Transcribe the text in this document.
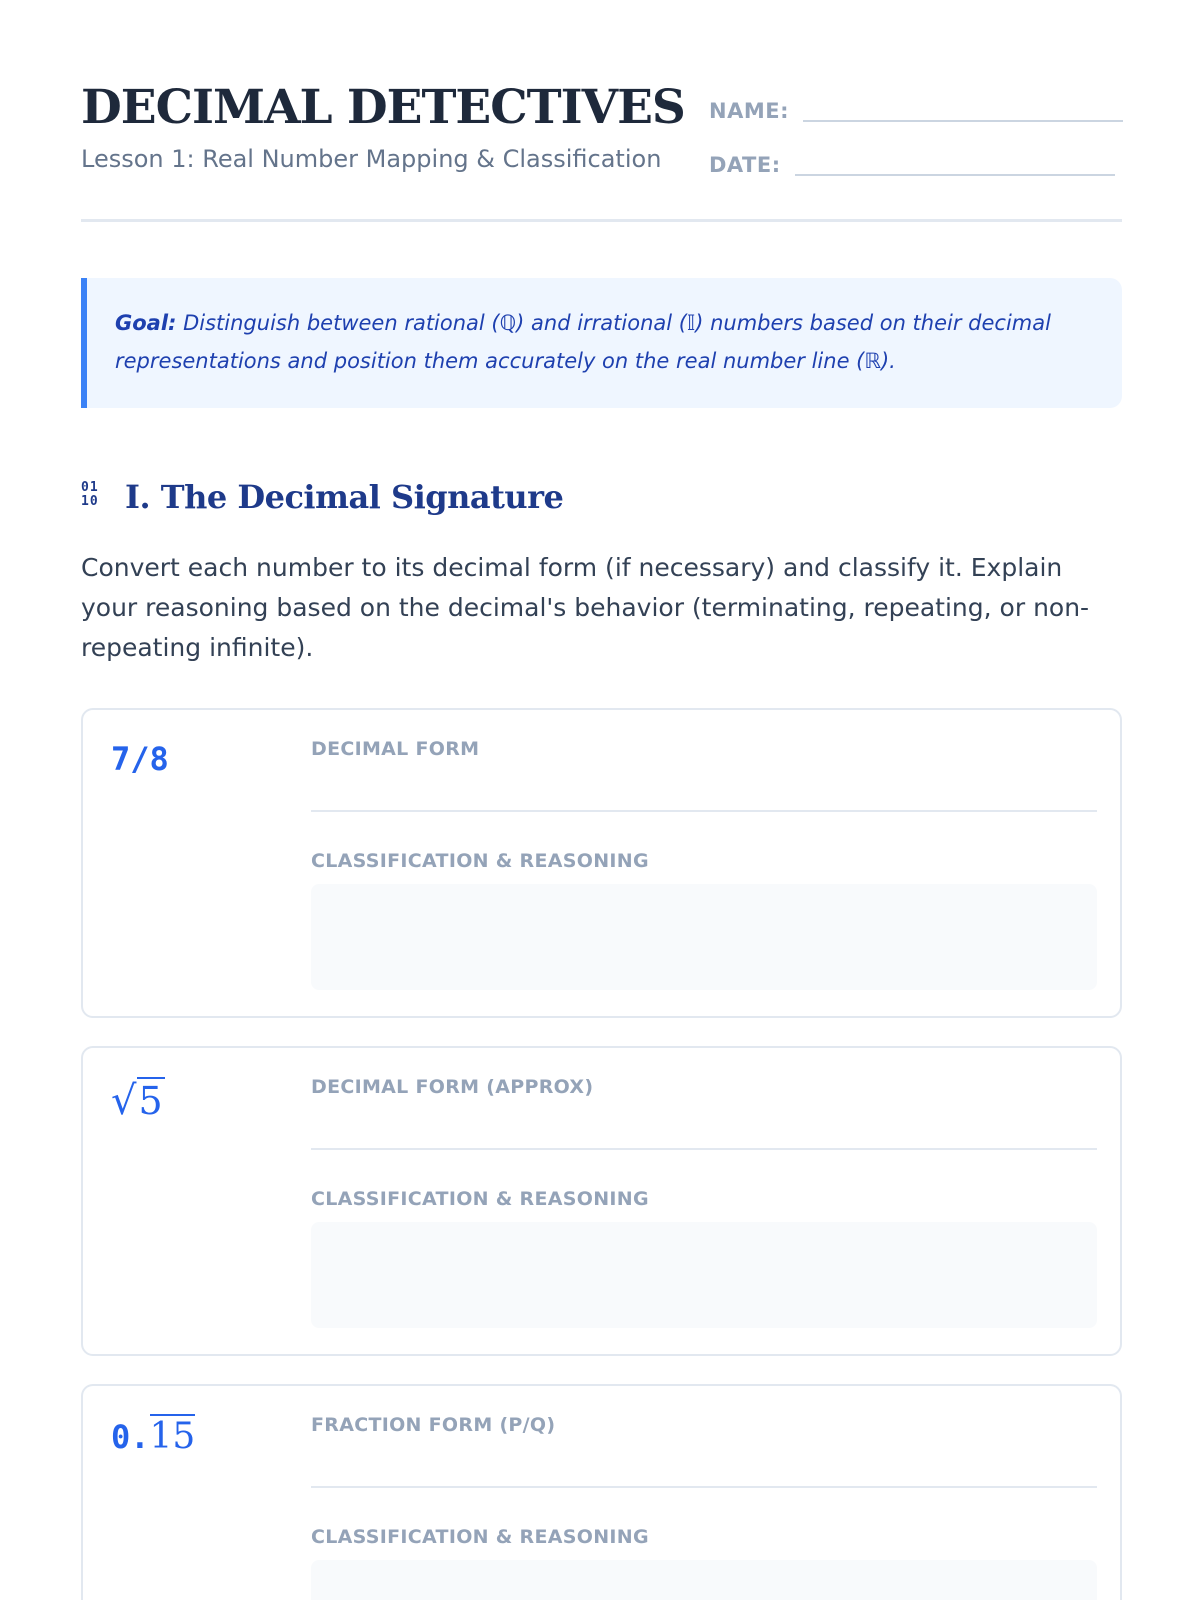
DECIMAL DETECTIVES
Lesson 1: Real Number Mapping & Classification
NAME:
DATE:

Goal: Distinguish between rational (ℚ) and irrational (𝕀) numbers based on their decimal representations and position them accurately on the real number line (ℝ).

01
10 I. The Decimal Signature

Convert each number to its decimal form (if necessary) and classify it. Explain your reasoning based on the decimal's behavior (terminating, repeating, or non-repeating infinite).

7/8	DECIMAL FORM
CLASSIFICATION & REASONING
√5	DECIMAL FORM (APPROX)
CLASSIFICATION & REASONING
0.15	FRACTION FORM (P/Q)
CLASSIFICATION & REASONING
